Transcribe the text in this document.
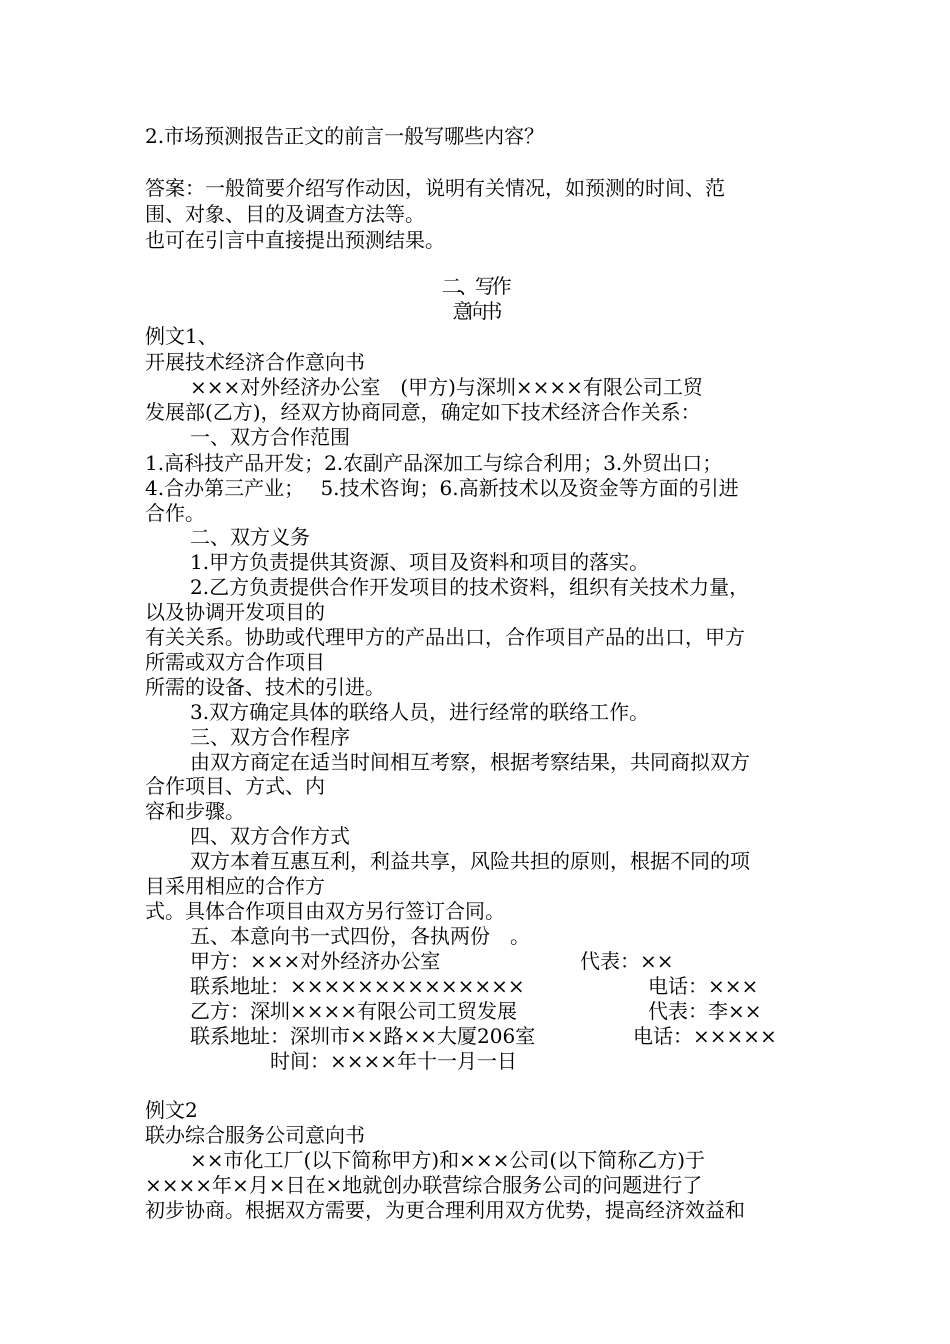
2.市场预测报告正文的前言一般写哪些内容？
答案：一般简要介绍写作动因，说明有关情况，如预测的时间、范
围、对象、目的及调查方法等。
也可在引言中直接提出预测结果。
二、写作
意向书
例文1、
开展技术经济合作意向书
×××对外经济办公室　(甲方)与深圳××××有限公司工贸
发展部(乙方)，经双方协商同意，确定如下技术经济合作关系：
一、双方合作范围
1.高科技产品开发；2.农副产品深加工与综合利用；3.外贸出口；
4.合办第三产业；　 5.技术咨询；6.高新技术以及资金等方面的引进
合作。
二、双方义务
1.甲方负责提供其资源、项目及资料和项目的落实。
2.乙方负责提供合作开发项目的技术资料，组织有关技术力量，
以及协调开发项目的
有关关系。协助或代理甲方的产品出口，合作项目产品的出口，甲方
所需或双方合作项目
所需的设备、技术的引进。
3.双方确定具体的联络人员，进行经常的联络工作。
三、双方合作程序
由双方商定在适当时间相互考察，根据考察结果，共同商拟双方
合作项目、方式、内
容和步骤。
四、双方合作方式
双方本着互惠互利，利益共享，风险共担的原则，根据不同的项
目采用相应的合作方
式。具体合作项目由双方另行签订合同。
五、本意向书一式四份，各执两份　。
甲方：×××对外经济办公室	代表：××
联系地址：××××××××××××××	电话：×××
乙方：深圳××××有限公司工贸发展	代表：李××
联系地址：深圳市××路××大厦206室	电话：×××××
时间：××××年十一月一日
例文2
联办综合服务公司意向书
××市化工厂(以下简称甲方)和×××公司(以下简称乙方)于
××××年×月×日在×地就创办联营综合服务公司的问题进行了
初步协商。根据双方需要，为更合理利用双方优势，提高经济效益和
